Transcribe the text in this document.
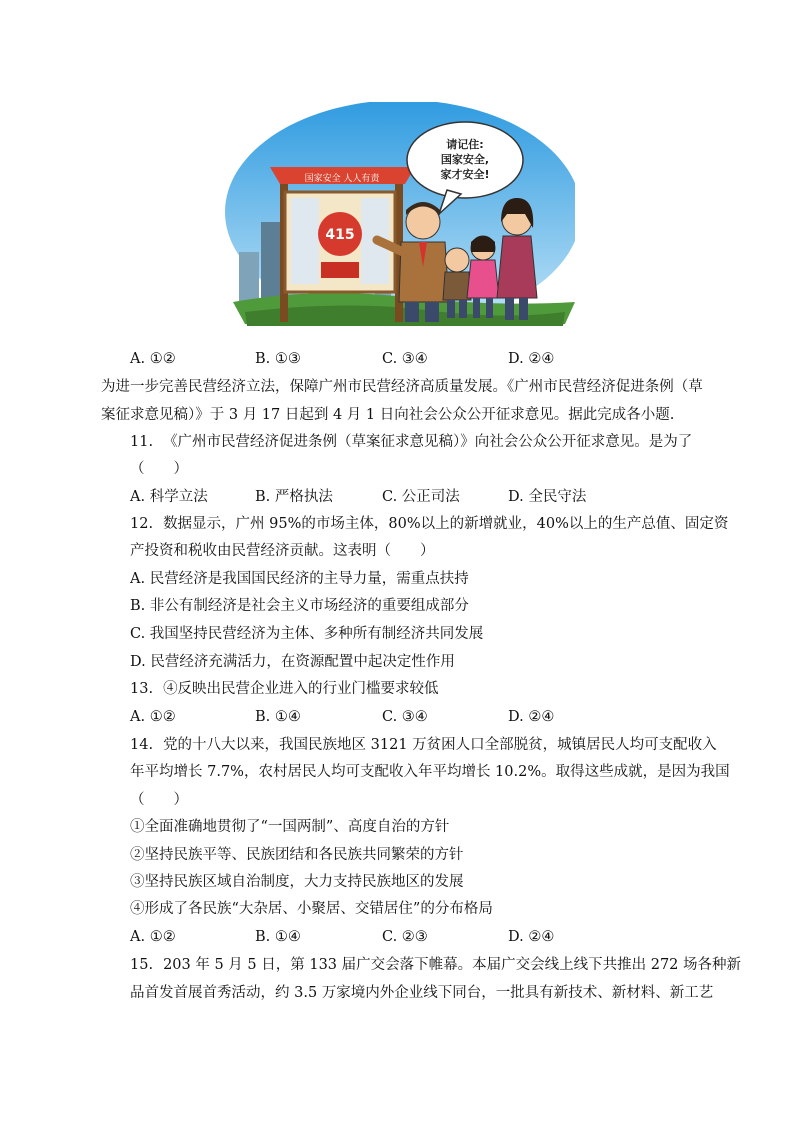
国家安全 人人有责
415
请记住:
国家安全,
家才安全!
A. ①②	B. ①③	C. ③④	D. ②④
为进一步完善民营经济立法，保障广州市民营经济高质量发展。《广州市民营经济促进条例（草
案征求意见稿）》于 3 月 17 日起到 4 月 1 日向社会公众公开征求意见。据此完成各小题.
11. 《广州市民营经济促进条例（草案征求意见稿）》向社会公众公开征求意见。是为了
（　　）
A. 科学立法	B. 严格执法	C. 公正司法	D. 全民守法
12. 数据显示，广州 95%的市场主体，80%以上的新增就业，40%以上的生产总值、固定资
产投资和税收由民营经济贡献。这表明（　　）
A. 民营经济是我国国民经济的主导力量，需重点扶持
B. 非公有制经济是社会主义市场经济的重要组成部分
C. 我国坚持民营经济为主体、多种所有制经济共同发展
D. 民营经济充满活力，在资源配置中起决定性作用
13. ④反映出民营企业进入的行业门槛要求较低
A. ①②	B. ①④	C. ③④	D. ②④
14. 党的十八大以来，我国民族地区 3121 万贫困人口全部脱贫，城镇居民人均可支配收入
年平均增长 7.7%，农村居民人均可支配收入年平均增长 10.2%。取得这些成就，是因为我国
（　　）
①全面准确地贯彻了“一国两制”、高度自治的方针
②坚持民族平等、民族团结和各民族共同繁荣的方针
③坚持民族区域自治制度，大力支持民族地区的发展
④形成了各民族“大杂居、小聚居、交错居住”的分布格局
A. ①②	B. ①④	C. ②③	D. ②④
15. 203 年 5 月 5 日，第 133 届广交会落下帷幕。本届广交会线上线下共推出 272 场各种新
品首发首展首秀活动，约 3.5 万家境内外企业线下同台，一批具有新技术、新材料、新工艺
